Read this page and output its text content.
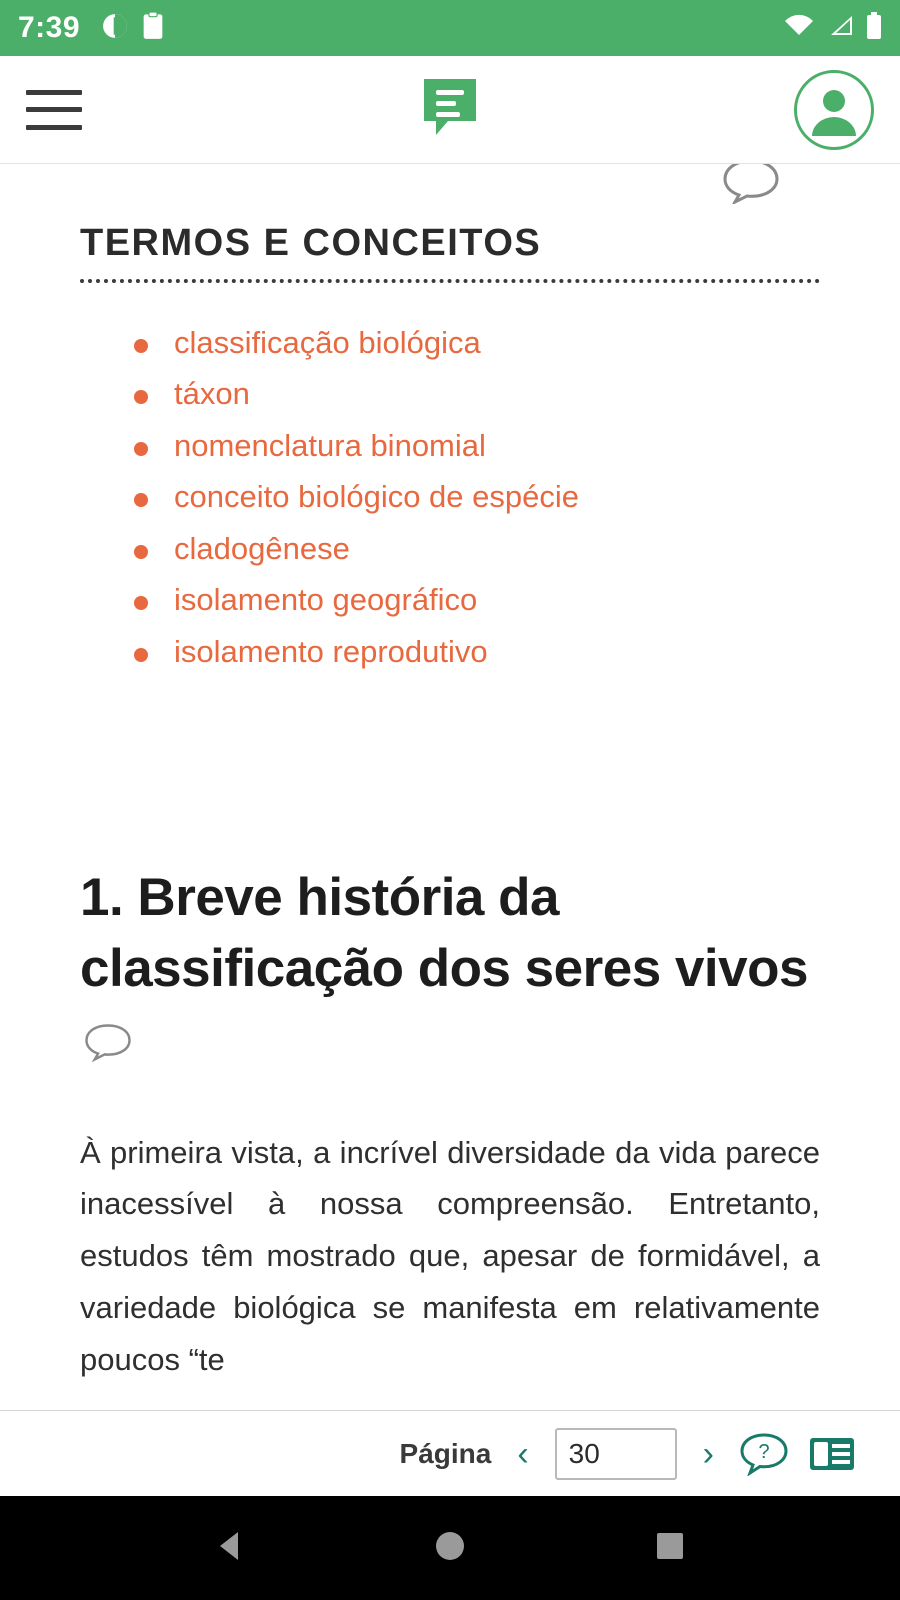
7:39
TERMOS E CONCEITOS
classificação biológica
táxon
nomenclatura binomial
conceito biológico de espécie
cladogênese
isolamento geográfico
isolamento reprodutivo
1. Breve história da classificação dos seres vivos

À primeira vista, a incrível diversidade da vida parece inacessível à nossa compreensão. Entretanto, estudos têm mostrado que, apesar de formidável, a variedade biológica se manifesta em relativamente poucos “te

Página ‹
30	›	?
